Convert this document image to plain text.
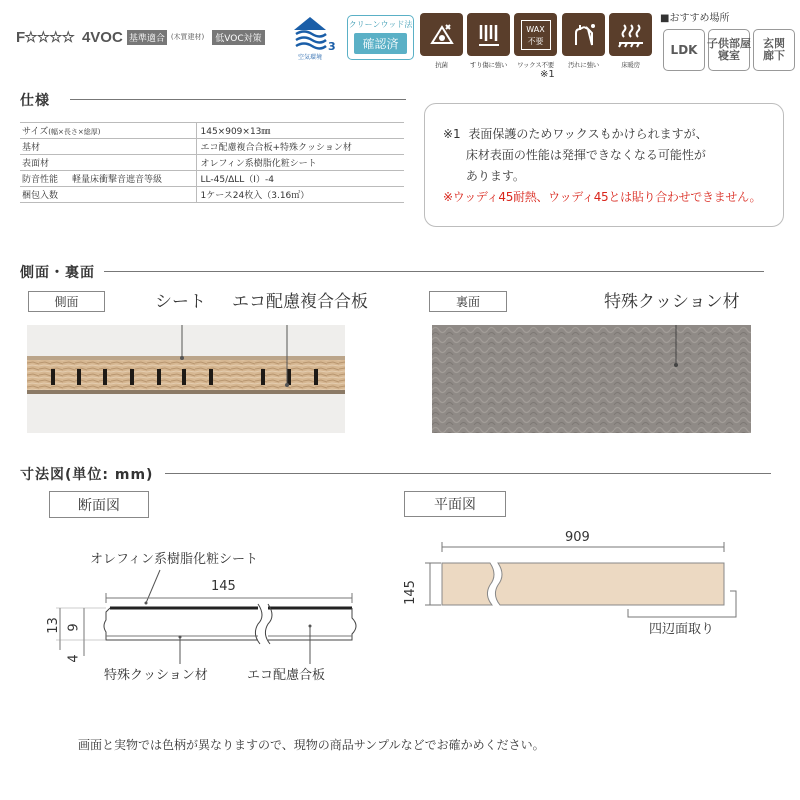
F☆☆☆☆ 4VOC 基準適合 (木質建材)	低VOC対策
3
空気環境
クリーンウッド法
確認済
抗菌	すり傷に強い
WAX
不要
ワックス不要	汚れに強い	床暖房
※1
■おすすめ場所
LDK 子供部屋
寝室
玄関
廊下
仕様
サイズ(幅×長さ×総厚)	145×909×13㎜
基材	エコ配慮複合合板+特殊クッション材
表面材	オレフィン系樹脂化粧シート
防音性能 軽量床衝撃音遮音等級	LL-45/ΔLL（I）-4
梱包入数	1ケース24枚入（3.16㎡）
※1  表面保護のためワックスもかけられますが、
床材表面の性能は発揮できなくなる可能性が
あります。
※ウッディ45耐熱、ウッディ45とは貼り合わせできません。
側面・裏面
側面	シート エコ配慮複合合板	裏面	特殊クッション材
寸法図(単位: mm)
断面図	平面図
オレフィン系樹脂化粧シート
145
13 9
4
特殊クッション材	エコ配慮合板
909
145
四辺面取り
画面と実物では色柄が異なりますので、現物の商品サンプルなどでお確かめください。
